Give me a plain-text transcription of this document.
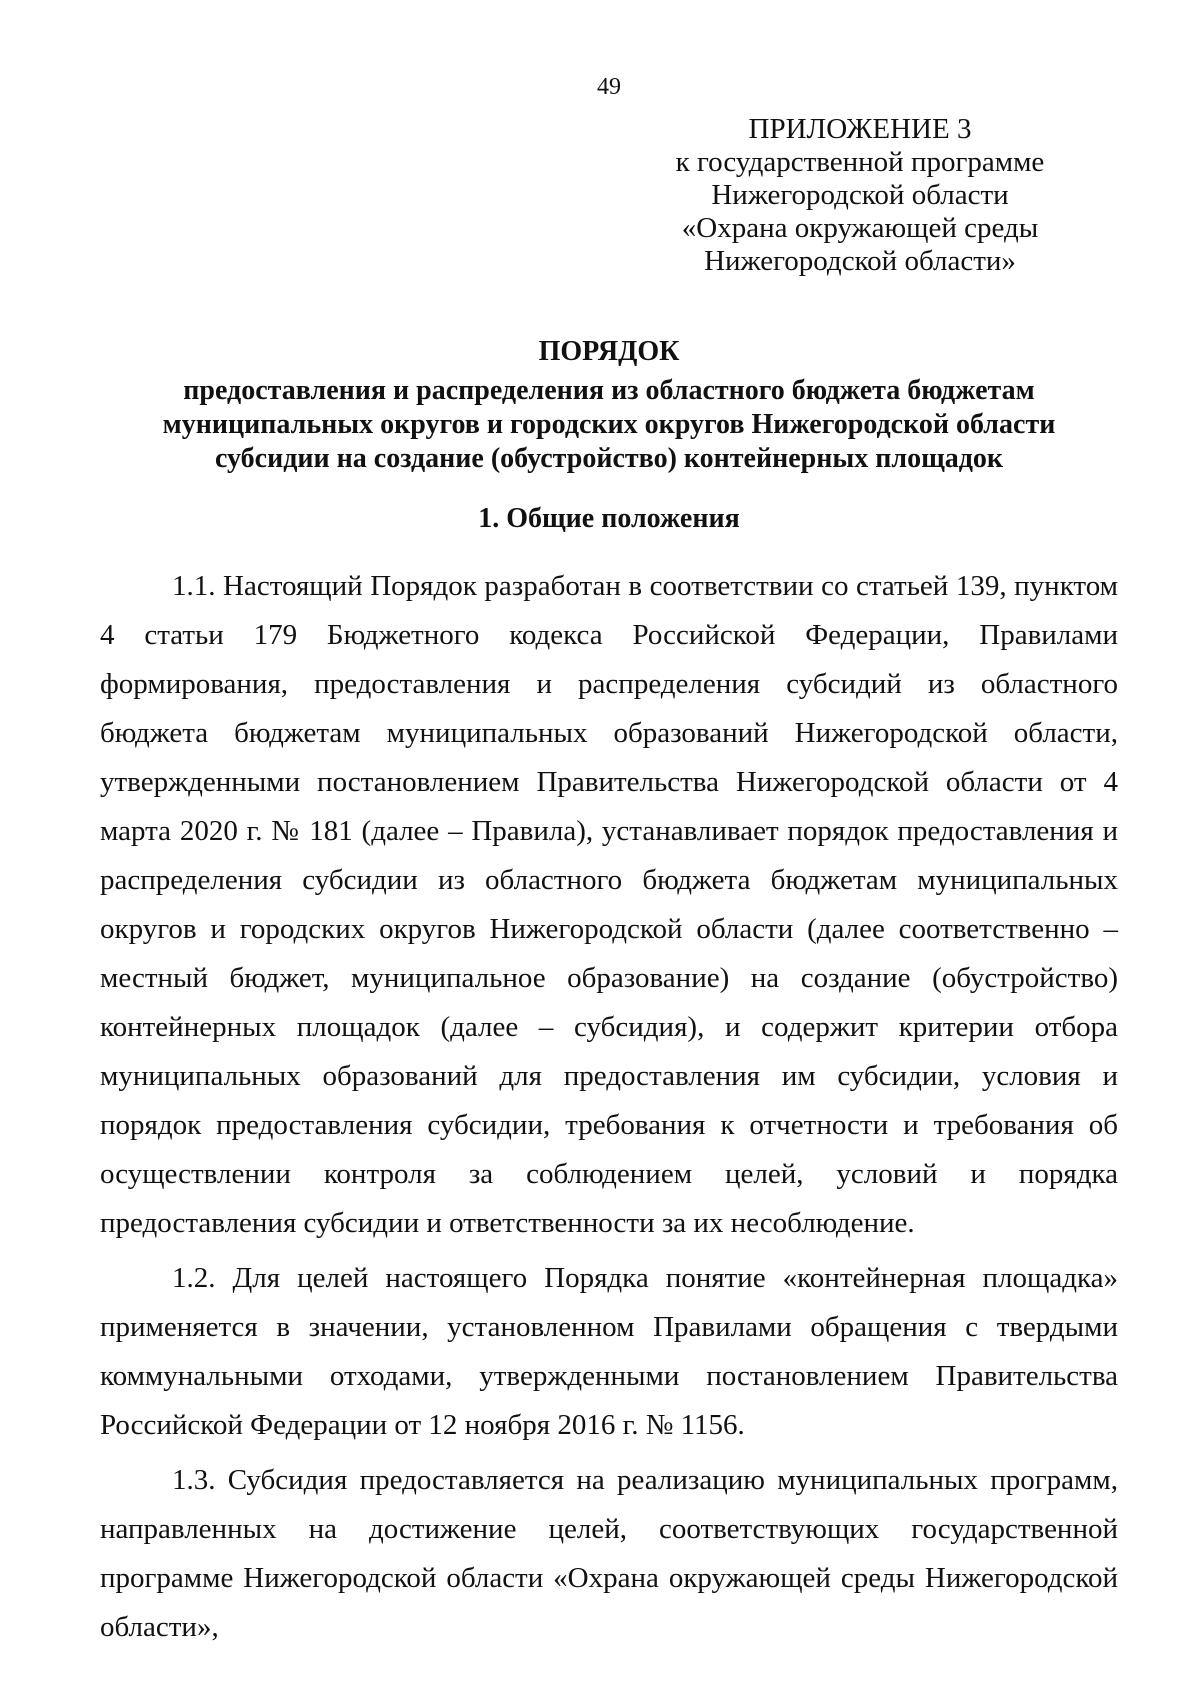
49
ПРИЛОЖЕНИЕ 3
к государственной программе
Нижегородской области
«Охрана окружающей среды
Нижегородской области»
ПОРЯДОК
предоставления и распределения из областного бюджета бюджетам
муниципальных округов и городских округов Нижегородской области
субсидии на создание (обустройство) контейнерных площадок
1. Общие положения

1.1. Настоящий Порядок разработан в соответствии со статьей 139, пунктом 4 статьи 179 Бюджетного кодекса Российской Федерации, Правилами формирования, предоставления и распределения субсидий из областного бюджета бюджетам муниципальных образований Нижегородской области, утвержденными постановлением Правительства Нижегородской области от 4 марта 2020 г. № 181 (далее – Правила), устанавливает порядок предоставления и распределения субсидии из областного бюджета бюджетам муниципальных округов и городских округов Нижегородской области (далее соответственно – местный бюджет, муниципальное образование) на создание (обустройство) контейнерных площадок (далее – субсидия), и содержит критерии отбора муниципальных образований для предоставления им субсидии, условия и порядок предоставления субсидии, требования к отчетности и требования об осуществлении контроля за соблюдением целей, условий и порядка предоставления субсидии и ответственности за их несоблюдение.

1.2. Для целей настоящего Порядка понятие «контейнерная площадка» применяется в значении, установленном Правилами обращения с твердыми коммунальными отходами, утвержденными постановлением Правительства Российской Федерации от 12 ноября 2016 г. № 1156.

1.3. Субсидия предоставляется на реализацию муниципальных программ, направленных на достижение целей, соответствующих государственной программе Нижегородской области «Охрана окружающей среды Нижегородской области»,
